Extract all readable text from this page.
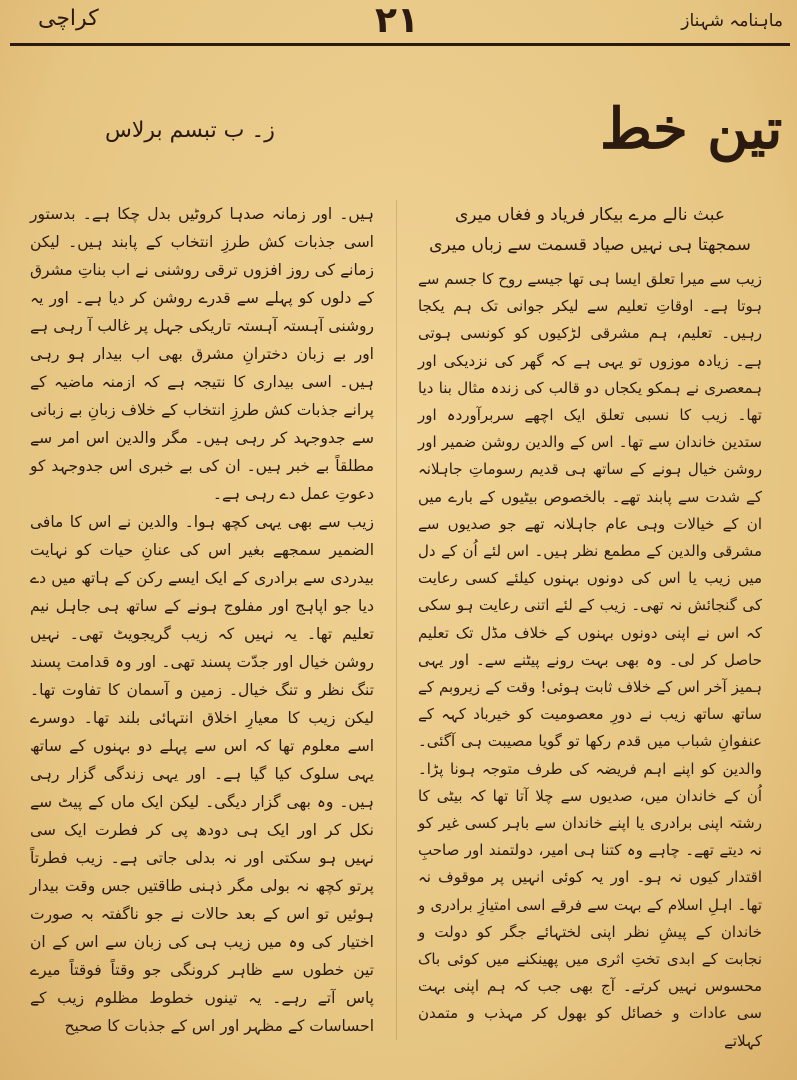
کراچی	۲۱	ماہنامہ شہناز
تین خط
ز۔ ب تبسم برلاس
عبث نالے مرے بیکار فریاد و فغاں میری
سمجھتا ہی نہیں صیاد قسمت سے زباں میری

زیب سے میرا تعلق ایسا ہی تھا جیسے روح کا جسم سے ہوتا ہے۔ اوقاتِ تعلیم سے لیکر جوانی تک ہم یکجا رہیں۔ تعلیم، ہم مشرقی لڑکیوں کو کونسی ہوتی ہے۔ زیادہ موزوں تو یہی ہے کہ گھر کی نزدیکی اور ہمعصری نے ہمکو یکجاں دو قالب کی زندہ مثال بنا دیا تھا۔ زیب کا نسبی تعلق ایک اچھے سربرآوردہ اور ستدین خاندان سے تھا۔ اس کے والدین روشن ضمیر اور روشن خیال ہونے کے ساتھ ہی قدیم رسوماتِ جاہلانہ کے شدت سے پابند تھے۔ بالخصوص بیٹیوں کے بارے میں ان کے خیالات وہی عام جاہلانہ تھے جو صدیوں سے مشرقی والدین کے مطمع نظر ہیں۔ اس لئے اُن کے دل میں زیب یا اس کی دونوں بہنوں کیلئے کسی رعایت کی گنجائش نہ تھی۔ زیب کے لئے اتنی رعایت ہو سکی کہ اس نے اپنی دونوں بہنوں کے خلاف مڈل تک تعلیم حاصل کر لی۔ وہ بھی بہت رونے پیٹنے سے۔ اور یہی ہمیز آخر اس کے خلاف ثابت ہوئی! وقت کے زیروبم کے ساتھ ساتھ زیب نے دورِ معصومیت کو خیرباد کہہ کے عنفوانِ شباب میں قدم رکھا تو گویا مصیبت ہی آگئی۔ والدین کو اپنے اہم فریضہ کی طرف متوجہ ہونا پڑا۔ اُن کے خاندان میں، صدیوں سے چلا آتا تھا کہ بیٹی کا رشتہ اپنی برادری یا اپنے خاندان سے باہر کسی غیر کو نہ دیتے تھے۔ چاہے وہ کتنا ہی امیر، دولتمند اور صاحبِ اقتدار کیوں نہ ہو۔ اور یہ کوئی انہیں پر موقوف نہ تھا۔ اہلِ اسلام کے بہت سے فرقے اسی امتیازِ برادری و خاندان کے پیشِ نظر اپنی لختہائے جگر کو دولت و نجابت کے ابدی تختِ اثری میں پھینکنے میں کوئی باک محسوس نہیں کرتے۔ آج بھی جب کہ ہم اپنی بہت سی عادات و خصائل کو بھول کر مہذب و متمدن کہلاتے

ہیں۔ اور زمانہ صدہا کروٹیں بدل چکا ہے۔ بدستور اسی جذبات کش طرزِ انتخاب کے پابند ہیں۔ لیکن زمانے کی روز افزوں ترقی روشنی نے اب بناتِ مشرق کے دلوں کو پہلے سے قدرے روشن کر دیا ہے۔ اور یہ روشنی آہستہ آہستہ تاریکی جہل پر غالب آ رہی ہے اور بے زبان دخترانِ مشرق بھی اب بیدار ہو رہی ہیں۔ اسی بیداری کا نتیجہ ہے کہ ازمنہ ماضیہ کے پرانے جذبات کش طرزِ انتخاب کے خلاف زبانِ بے زبانی سے جدوجہد کر رہی ہیں۔ مگر والدین اس امر سے مطلقاً بے خبر ہیں۔ ان کی بے خبری اس جدوجہد کو دعوتِ عمل دے رہی ہے۔

زیب سے بھی یہی کچھ ہوا۔ والدین نے اس کا مافی الضمیر سمجھے بغیر اس کی عنانِ حیات کو نہایت بیدردی سے برادری کے ایک ایسے رکن کے ہاتھ میں دے دیا جو اپاہج اور مفلوج ہونے کے ساتھ ہی جاہل نیم تعلیم تھا۔ یہ نہیں کہ زیب گریجویٹ تھی۔ نہیں روشن خیال اور جدّت پسند تھی۔ اور وہ قدامت پسند تنگ نظر و تنگ خیال۔ زمین و آسمان کا تفاوت تھا۔ لیکن زیب کا معیارِ اخلاق انتہائی بلند تھا۔ دوسرے اسے معلوم تھا کہ اس سے پہلے دو بہنوں کے ساتھ یہی سلوک کیا گیا ہے۔ اور یہی زندگی گزار رہی ہیں۔ وہ بھی گزار دیگی۔ لیکن ایک ماں کے پیٹ سے نکل کر اور ایک ہی دودھ پی کر فطرت ایک سی نہیں ہو سکتی اور نہ بدلی جاتی ہے۔ زیب فطرتاً پرتو کچھ نہ بولی مگر ذہنی طاقتیں جس وقت بیدار ہوئیں تو اس کے بعد حالات نے جو ناگفتہ بہ صورت اختیار کی وہ میں زیب ہی کی زبان سے اس کے ان تین خطوں سے ظاہر کرونگی جو وقتاً فوقتاً میرے پاس آتے رہے۔ یہ تینوں خطوط مظلوم زیب کے احساسات کے مظہر اور اس کے جذبات کا صحیح
